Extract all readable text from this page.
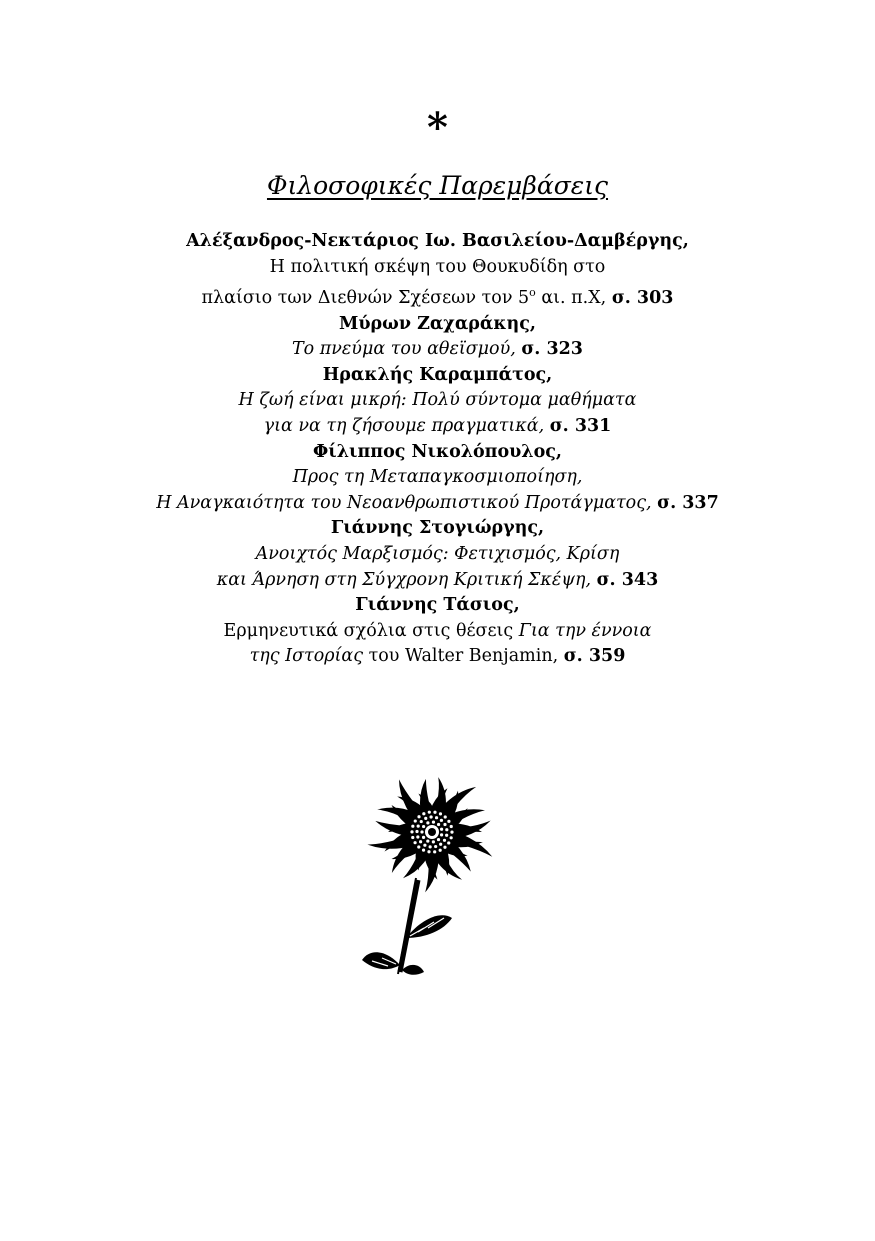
*
Φιλοσοφικές Παρεμβάσεις
Αλέξανδρος-Νεκτάριος Ιω. Βασιλείου-Δαμβέργης,
Η πολιτική σκέψη του Θουκυδίδη στο
πλαίσιο των Διεθνών Σχέσεων τον $5^o$ αι. π.Χ, σ. 303
Μύρων Ζαχαράκης,
Το πνεύμα του αθεϊσμού, σ. 323
Ηρακλής Καραμπάτος,
Η ζωή είναι μικρή: Πολύ σύντομα μαθήματα
για να τη ζήσουμε πραγματικά, σ. 331
Φίλιππος Νικολόπουλος,
Προς τη Μεταπαγκοσμιοποίηση,
Η Αναγκαιότητα του Νεοανθρωπιστικού Προτάγματος, σ. 337
Γιάννης Στογιώργης,
Ανοιχτός Μαρξισμός: Φετιχισμός, Κρίση
και Άρνηση στη Σύγχρονη Κριτική Σκέψη, σ. 343
Γιάννης Τάσιος,
Ερμηνευτικά σχόλια στις θέσεις Για την έννοια
της Ιστορίας του Walter Benjamin, σ. 359
